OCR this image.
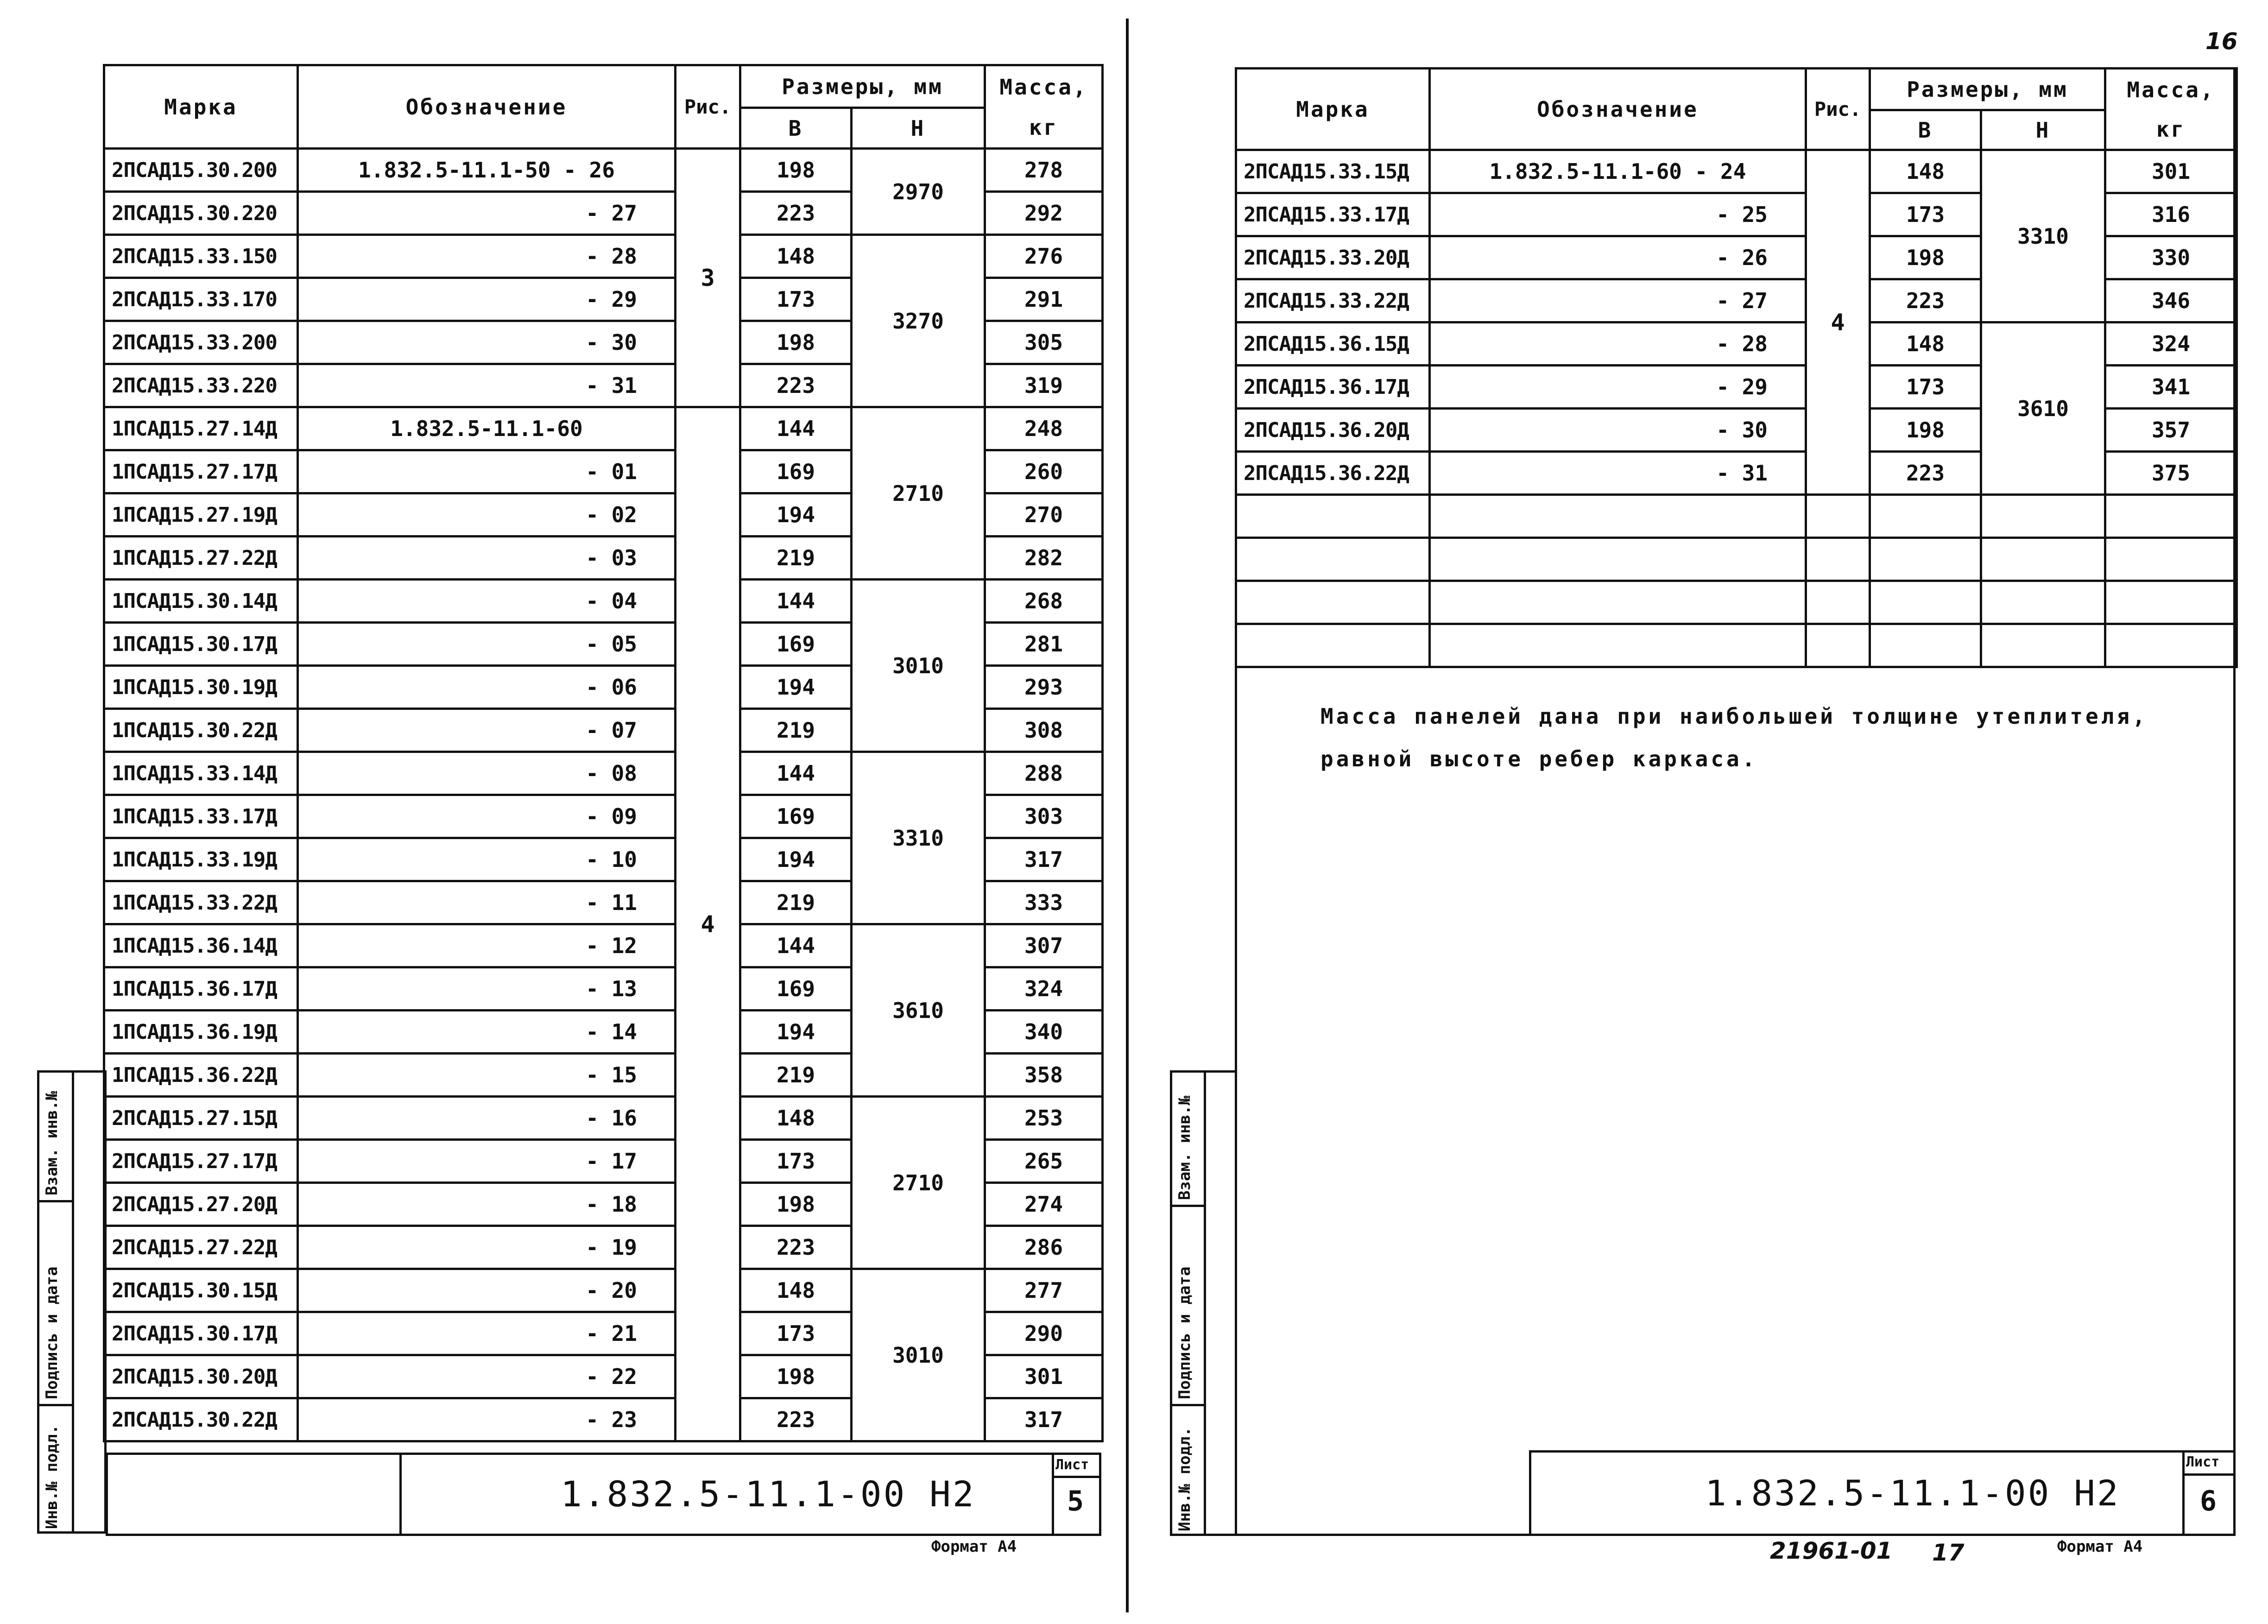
Марка	Обозначение	Рис.	Размеры, мм		Масса,
			В	Н	кг
2ПСАД15.30.200	1.832.5-11.1-50 - 26	3	198	2970	278
2ПСАД15.30.220	- 27		223		292
2ПСАД15.33.150	- 28		148	3270	276
2ПСАД15.33.170	- 29		173		291
2ПСАД15.33.200	- 30		198		305
2ПСАД15.33.220	- 31		223		319
1ПСАД15.27.14Д	1.832.5-11.1-60	4	144	2710	248
1ПСАД15.27.17Д	- 01		169		260
1ПСАД15.27.19Д	- 02		194		270
1ПСАД15.27.22Д	- 03		219		282
1ПСАД15.30.14Д	- 04		144	3010	268
1ПСАД15.30.17Д	- 05		169		281
1ПСАД15.30.19Д	- 06		194		293
1ПСАД15.30.22Д	- 07		219		308
1ПСАД15.33.14Д	- 08		144	3310	288
1ПСАД15.33.17Д	- 09		169		303
1ПСАД15.33.19Д	- 10		194		317
1ПСАД15.33.22Д	- 11		219		333
1ПСАД15.36.14Д	- 12		144	3610	307
1ПСАД15.36.17Д	- 13		169		324
1ПСАД15.36.19Д	- 14		194		340
1ПСАД15.36.22Д	- 15		219		358
2ПСАД15.27.15Д	- 16		148	2710	253
2ПСАД15.27.17Д	- 17		173		265
2ПСАД15.27.20Д	- 18		198		274
2ПСАД15.27.22Д	- 19		223		286
2ПСАД15.30.15Д	- 20		148	3010	277
2ПСАД15.30.17Д	- 21		173		290
2ПСАД15.30.20Д	- 22		198		301
2ПСАД15.30.22Д	- 23		223		317
Взам. инв.№
Подпись и дата
Инв.№ подл.	1.832.5-11.1-00 Н2
Лист
5
Формат А4
16
Марка	Обозначение	Рис.	Размеры, мм		Масса,
			В	Н	кг
2ПСАД15.33.15Д	1.832.5-11.1-60 - 24	4	148	3310	301
2ПСАД15.33.17Д	- 25		173		316
2ПСАД15.33.20Д	- 26		198		330
2ПСАД15.33.22Д	- 27		223		346
2ПСАД15.36.15Д	- 28		148	3610	324
2ПСАД15.36.17Д	- 29		173		341
2ПСАД15.36.20Д	- 30		198		357
2ПСАД15.36.22Д	- 31		223		375

Масса панелей дана при наибольшей толщине утеплителя,
равной высоте ребер каркаса.
Взам. инв.№
Подпись и дата
Инв.№ подл.	1.832.5-11.1-00 Н2
Лист
6
21961-01 17	Формат А4
